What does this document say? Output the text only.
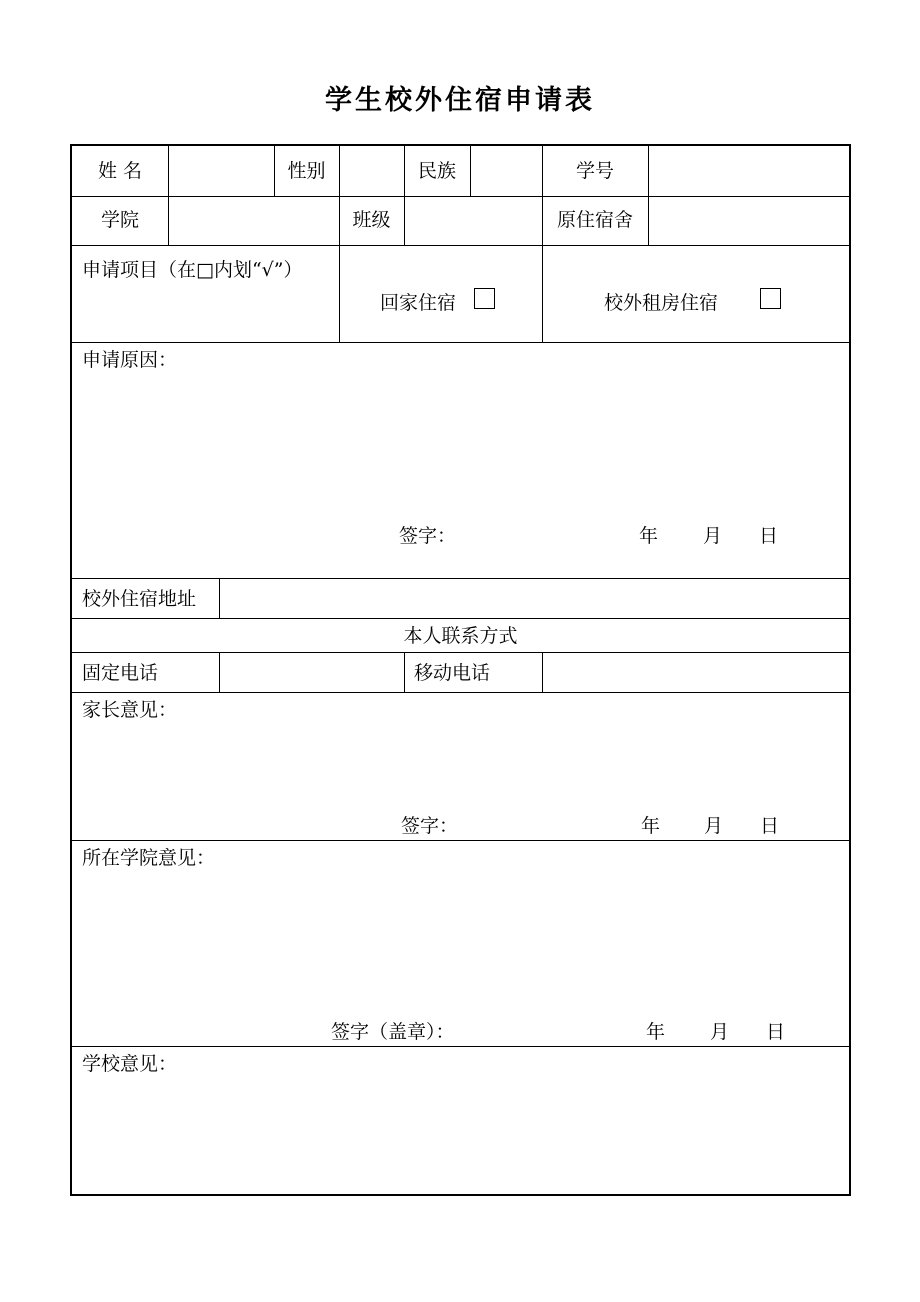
学生校外住宿申请表
姓 名	性别	民族	学号
学院	班级	原住宿舍
申请项目（在□内划“√”）
回家住宿	校外租房住宿
申请原因：
签字：	年 月 日
校外住宿地址
本人联系方式
固定电话	移动电话
家长意见：
签字：	年 月 日
所在学院意见：
签字（盖章）：	年 月 日
学校意见：
